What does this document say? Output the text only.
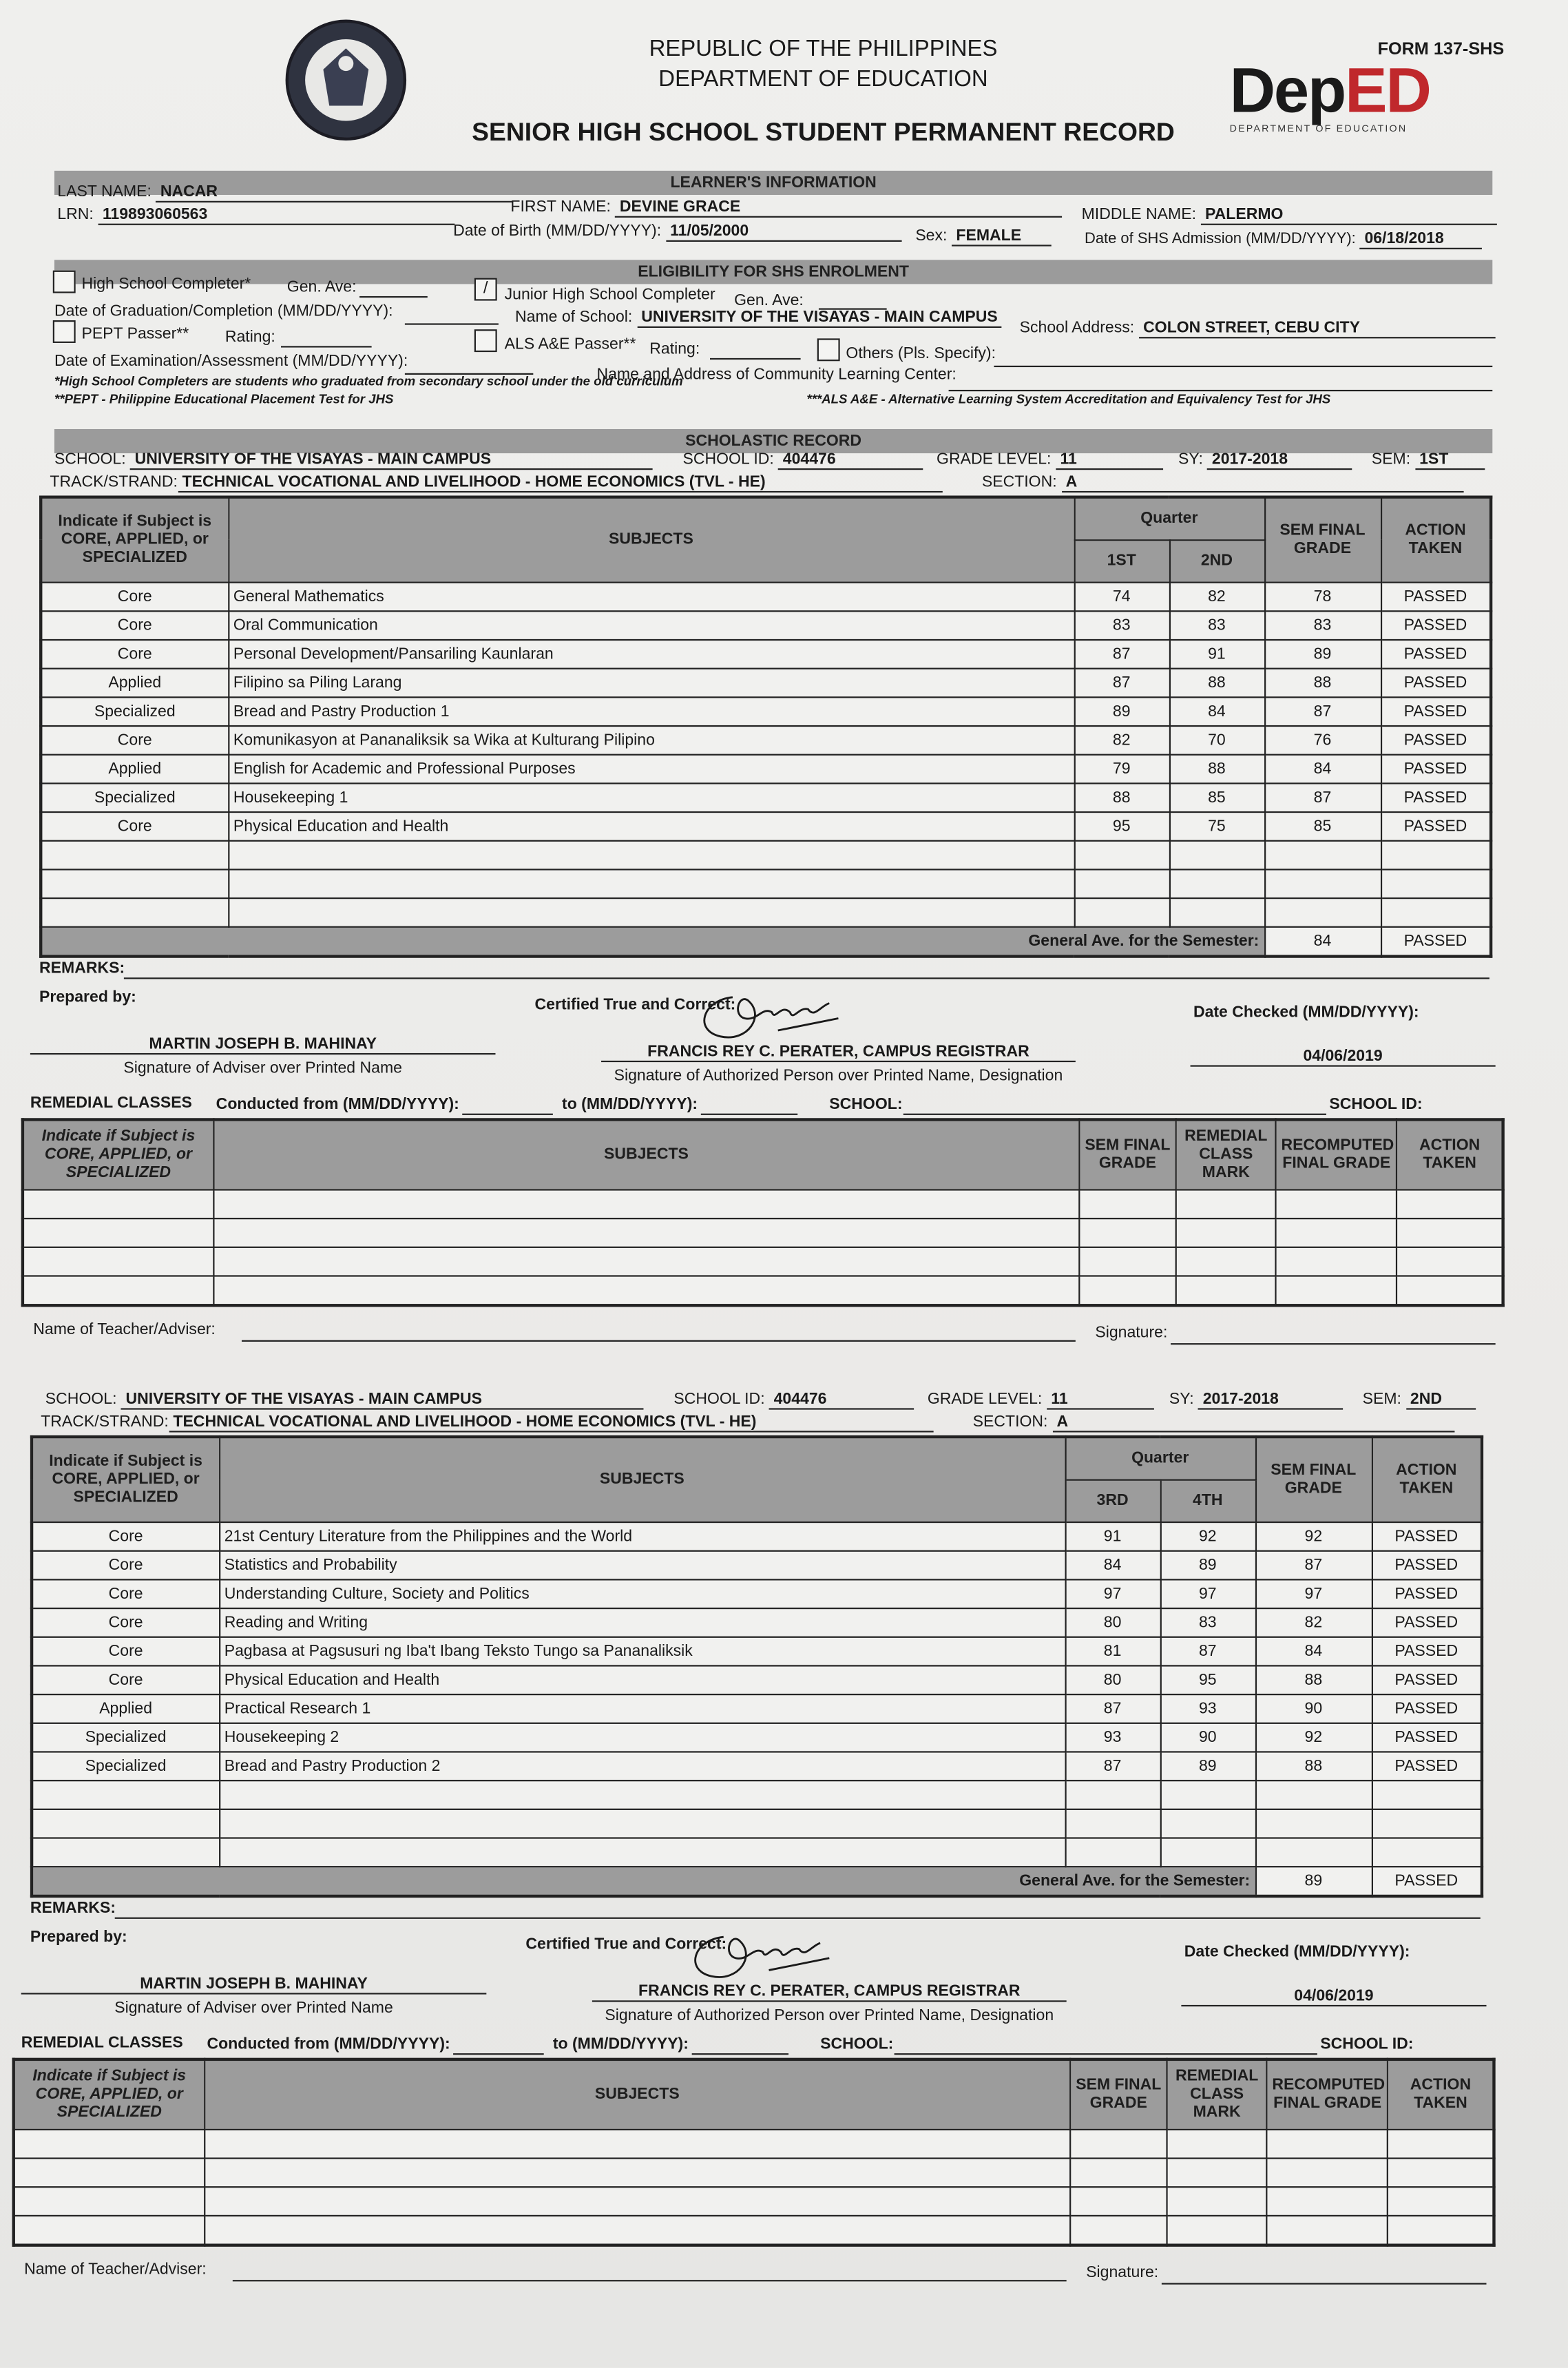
REPUBLIC OF THE PHILIPPINES
DEPARTMENT OF EDUCATION
SENIOR HIGH SCHOOL STUDENT PERMANENT RECORD
FORM 137-SHS
DepED
DEPARTMENT OF EDUCATION
LEARNER'S INFORMATION
LAST NAME: NACAR
LRN: 119893060563	FIRST NAME: DEVINE GRACE
Date of Birth (MM/DD/YYYY): 11/05/2000	Sex: FEMALE
MIDDLE NAME: PALERMO
Date of SHS Admission (MM/DD/YYYY): 06/18/2018
ELIGIBILITY FOR SHS ENROLMENT
High School Completer*	Gen. Ave:	/	Junior High School Completer	Gen. Ave:
Date of Graduation/Completion (MM/DD/YYYY):	Name of School: UNIVERSITY OF THE VISAYAS - MAIN CAMPUS
School Address: COLON STREET, CEBU CITY
PEPT Passer**	Rating:	ALS A&E Passer** Rating:	Others (Pls. Specify):
Date of Examination/Assessment (MM/DD/YYYY):
Name and Address of Community Learning Center:
*High School Completers are students who graduated from secondary school under the old curriculum
**PEPT - Philippine Educational Placement Test for JHS	***ALS A&E - Alternative Learning System Accreditation and Equivalency Test for JHS
SCHOLASTIC RECORD
SCHOOL: UNIVERSITY OF THE VISAYAS - MAIN CAMPUS	SCHOOL ID: 404476	GRADE LEVEL: 11	SY: 2017-2018	SEM: 1ST
TRACK/STRAND: TECHNICAL VOCATIONAL AND LIVELIHOOD - HOME ECONOMICS (TVL - HE)	SECTION: A
Indicate if Subject is CORE, APPLIED, or SPECIALIZED	SUBJECTS	Quarter		SEM FINAL GRADE	ACTION TAKEN
		1ST	2ND		
Core	General Mathematics	74	82	78	PASSED
Core	Oral Communication	83	83	83	PASSED
Core	Personal Development/Pansariling Kaunlaran	87	91	89	PASSED
Applied	Filipino sa Piling Larang	87	88	88	PASSED
Specialized	Bread and Pastry Production 1	89	84	87	PASSED
Core	Komunikasyon at Pananaliksik sa Wika at Kulturang Pilipino	82	70	76	PASSED
Applied	English for Academic and Professional Purposes	79	88	84	PASSED
Specialized	Housekeeping 1	88	85	87	PASSED
Core	Physical Education and Health	95	75	85	PASSED

General Ave. for the Semester:				84	PASSED
REMARKS:
Prepared by:	Certified True and Correct:	Date Checked (MM/DD/YYYY):
MARTIN JOSEPH B. MAHINAY
Signature of Adviser over Printed Name
FRANCIS REY C. PERATER, CAMPUS REGISTRAR
Signature of Authorized Person over Printed Name, Designation
04/06/2019
REMEDIAL CLASSES	Conducted from (MM/DD/YYYY):	to (MM/DD/YYYY):	SCHOOL:	SCHOOL ID:
Indicate if Subject is CORE, APPLIED, or SPECIALIZED	SUBJECTS	SEM FINAL GRADE	REMEDIAL CLASS MARK	RECOMPUTED FINAL GRADE	ACTION TAKEN

Name of Teacher/Adviser:	Signature:
SCHOOL: UNIVERSITY OF THE VISAYAS - MAIN CAMPUS	SCHOOL ID: 404476	GRADE LEVEL: 11	SY: 2017-2018	SEM: 2ND
TRACK/STRAND: TECHNICAL VOCATIONAL AND LIVELIHOOD - HOME ECONOMICS (TVL - HE)	SECTION: A
Indicate if Subject is CORE, APPLIED, or SPECIALIZED	SUBJECTS	Quarter		SEM FINAL GRADE	ACTION TAKEN
		3RD	4TH		
Core	21st Century Literature from the Philippines and the World	91	92	92	PASSED
Core	Statistics and Probability	84	89	87	PASSED
Core	Understanding Culture, Society and Politics	97	97	97	PASSED
Core	Reading and Writing	80	83	82	PASSED
Core	Pagbasa at Pagsusuri ng Iba't Ibang Teksto Tungo sa Pananaliksik	81	87	84	PASSED
Core	Physical Education and Health	80	95	88	PASSED
Applied	Practical Research 1	87	93	90	PASSED
Specialized	Housekeeping 2	93	90	92	PASSED
Specialized	Bread and Pastry Production 2	87	89	88	PASSED

General Ave. for the Semester:				89	PASSED
REMARKS:
Prepared by:	Certified True and Correct:	Date Checked (MM/DD/YYYY):
MARTIN JOSEPH B. MAHINAY
Signature of Adviser over Printed Name
FRANCIS REY C. PERATER, CAMPUS REGISTRAR
Signature of Authorized Person over Printed Name, Designation
04/06/2019
REMEDIAL CLASSES	Conducted from (MM/DD/YYYY):	to (MM/DD/YYYY):	SCHOOL:	SCHOOL ID:
Indicate if Subject is CORE, APPLIED, or SPECIALIZED	SUBJECTS	SEM FINAL GRADE	REMEDIAL CLASS MARK	RECOMPUTED FINAL GRADE	ACTION TAKEN

Name of Teacher/Adviser:	Signature:
